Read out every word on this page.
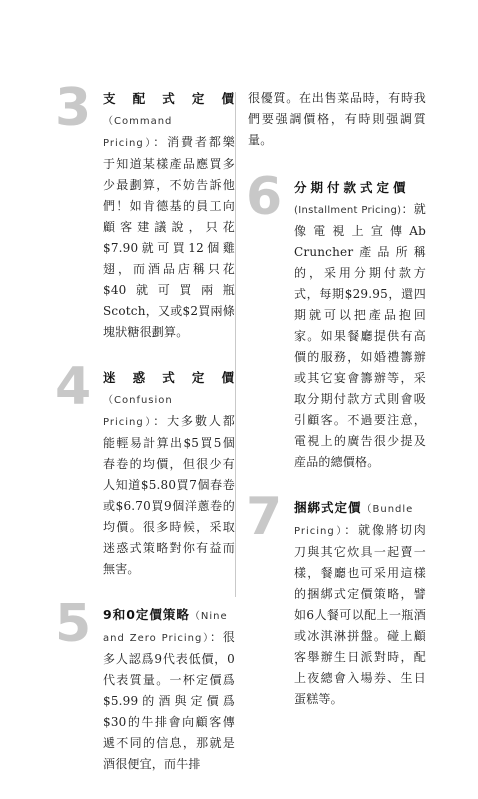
3 支配式定價（Command
Pricing）：消費者都樂于知道某樣產品應買多少最劃算，不妨告訴他們！如肯德基的員工向顧客建議說，只花$7.90就可買12個雞翅，而酒品店稱只花$40就可買兩瓶Scotch，又或$2買兩條塊狀糖很劃算。
4 迷惑式定價（Confusion
Pricing）：大多數人都能輕易計算出$5買5個春卷的均價，但很少有人知道$5.80買7個春卷或$6.70買9個洋蔥卷的均價。很多時候，采取迷惑式策略對你有益而無害。
5 9和0定價策略（Nine
and Zero Pricing）：很多人認爲9代表低價，0代表質量。一杯定價爲$5.99的酒與定價爲$30的牛排會向顧客傳遞不同的信息，那就是酒很便宜，而牛排
很優質。在出售菜品時，有時我們要强調價格，有時則强調質量。
6 分期付款式定價
(Installment Pricing)：就像電視上宣傳Ab Cruncher產品所稱的，采用分期付款方式，每期$29.95，還四期就可以把產品抱回家。如果餐廳提供有高價的服務，如婚禮籌辦或其它宴會籌辦等，采取分期付款方式則會吸引顧客。不過要注意，電視上的廣告很少提及産品的總價格。
7 捆綁式定價（Bundle
Pricing）：就像將切肉刀與其它炊具一起賣一樣，餐廳也可采用這樣的捆綁式定價策略，譬如6人餐可以配上一瓶酒或冰淇淋拼盤。碰上顧客舉辦生日派對時，配上夜總會入場券、生日蛋糕等。
